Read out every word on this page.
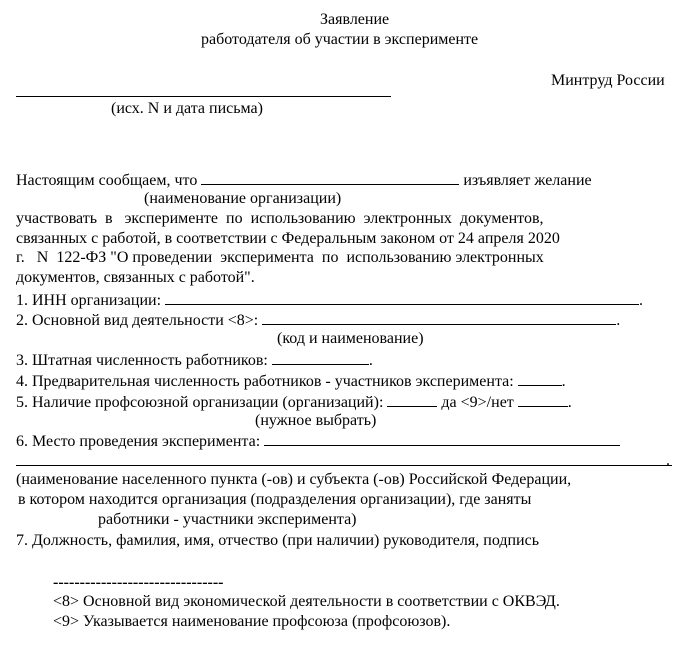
Заявление
работодателя об участии в эксперименте
Минтруд России
(исх. N и дата письма)
Настоящим сообщаем, что	изъявляет желание
(наименование организации)
участвовать  в   эксперименте  по  использованию  электронных  документов,
связанных с работой, в соответствии с Федеральным законом от 24 апреля 2020
г.   N  122-ФЗ "О проведении  эксперимента  по  использованию электронных
документов, связанных с работой".
1. ИНН организации:	.
2. Основной вид деятельности <8>:	.
(код и наименование)
3. Штатная численность работников:	.
4. Предварительная численность работников - участников эксперимента:	.
5. Наличие профсоюзной организации (организаций):	да <9>/нет	.
(нужное выбрать)
6. Место проведения эксперимента:
.
(наименование населенного пункта (-ов) и субъекта (-ов) Российской Федерации,
в котором находится организация (подразделения организации), где заняты
работники - участники эксперимента)
7. Должность, фамилия, имя, отчество (при наличии) руководителя, подпись
--------------------------------
<8> Основной вид экономической деятельности в соответствии с ОКВЭД.
<9> Указывается наименование профсоюза (профсоюзов).
